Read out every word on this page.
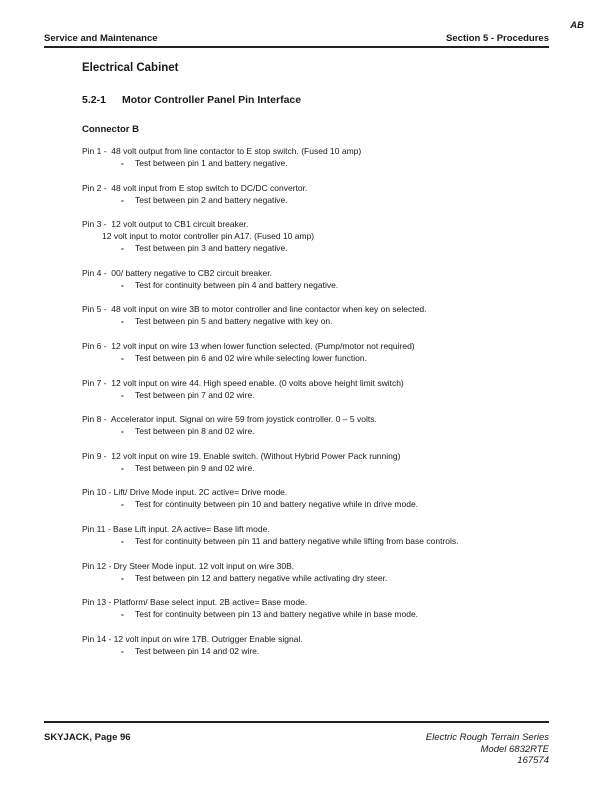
AB
Service and Maintenance	Section 5 - Procedures
Electrical Cabinet
5.2-1 Motor Controller Panel Pin Interface
Connector B
Pin 1 -  48 volt output from line contactor to E stop switch. (Fused 10 amp)
- Test between pin 1 and battery negative.
Pin 2 -  48 volt input from E stop switch to DC/DC convertor.
- Test between pin 2 and battery negative.
Pin 3 -  12 volt output to CB1 circuit breaker.
12 volt input to motor controller pin A17. (Fused 10 amp)
- Test between pin 3 and battery negative.
Pin 4 -  00/ battery negative to CB2 circuit breaker.
- Test for continuity between pin 4 and battery negative.
Pin 5 -  48 volt input on wire 3B to motor controller and line contactor when key on selected.
- Test between pin 5 and battery negative with key on.
Pin 6 -  12 volt input on wire 13 when lower function selected. (Pump/motor not required)
- Test between pin 6 and 02 wire while selecting lower function.
Pin 7 -  12 volt input on wire 44. High speed enable. (0 volts above height limit switch)
- Test between pin 7 and 02 wire.
Pin 8 -  Accelerator input. Signal on wire 59 from joystick controller. 0 – 5 volts.
- Test between pin 8 and 02 wire.
Pin 9 -  12 volt input on wire 19. Enable switch. (Without Hybrid Power Pack running)
- Test between pin 9 and 02 wire.
Pin 10 - Lift/ Drive Mode input. 2C active= Drive mode.
- Test for continuity between pin 10 and battery negative while in drive mode.
Pin 11 - Base Lift input. 2A active= Base lift mode.
- Test for continuity between pin 11 and battery negative while lifting from base controls.
Pin 12 - Dry Steer Mode input. 12 volt input on wire 30B.
- Test between pin 12 and battery negative while activating dry steer.
Pin 13 - Platform/ Base select input. 2B active= Base mode.
- Test for continuity between pin 13 and battery negative while in base mode.
Pin 14 - 12 volt input on wire 17B. Outrigger Enable signal.
- Test between pin 14 and 02 wire.
SKYJACK, Page 96	Electric Rough Terrain Series
Model 6832RTE
167574
